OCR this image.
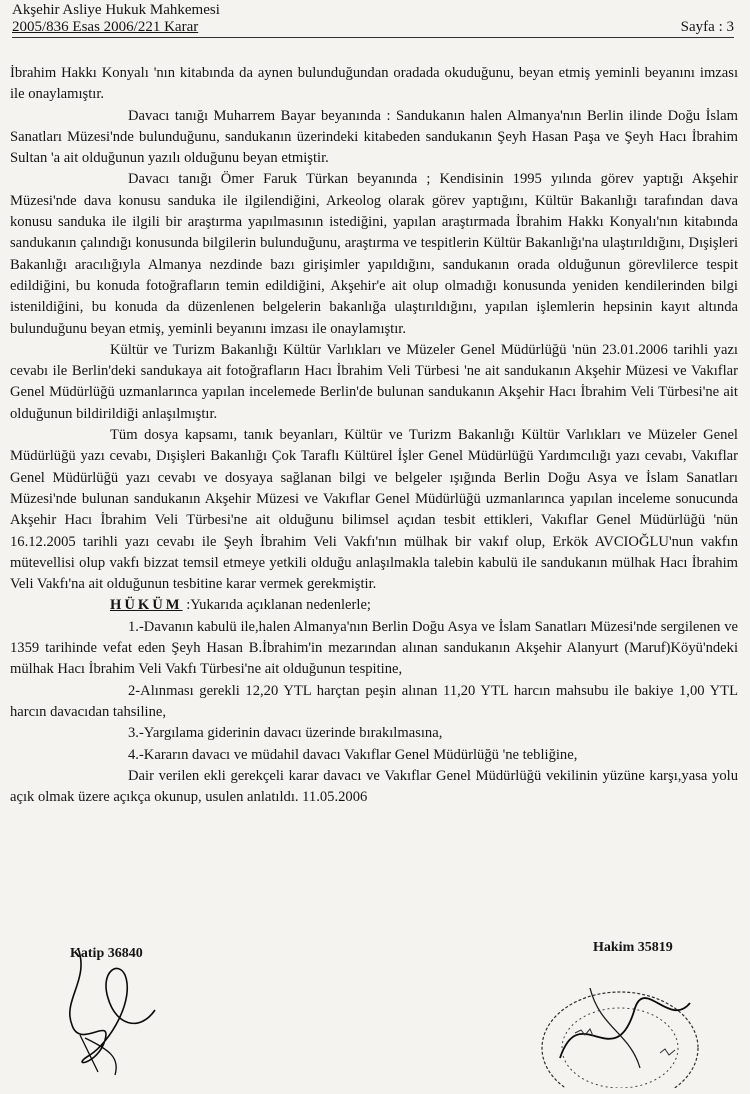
Akşehir Asliye Hukuk Mahkemesi
2005/836 Esas 2006/221 Karar	Sayfa : 3

İbrahim Hakkı Konyalı 'nın kitabında da aynen bulunduğundan oradada okuduğunu, beyan etmiş yeminli beyanını imzası ile onaylamıştır.

Davacı tanığı Muharrem Bayar beyanında : Sandukanın halen Almanya'nın Berlin ilinde Doğu İslam Sanatları Müzesi'nde bulunduğunu, sandukanın üzerindeki kitabeden sandukanın Şeyh Hasan Paşa ve Şeyh Hacı İbrahim Sultan 'a ait olduğunun yazılı olduğunu beyan etmiştir.

Davacı tanığı Ömer Faruk Türkan beyanında ; Kendisinin 1995 yılında görev yaptığı Akşehir Müzesi'nde dava konusu sanduka ile ilgilendiğini, Arkeolog olarak görev yaptığını, Kültür Bakanlığı tarafından dava konusu sanduka ile ilgili bir araştırma yapılmasının istediğini, yapılan araştırmada İbrahim Hakkı Konyalı'nın kitabında sandukanın çalındığı konusunda bilgilerin bulunduğunu, araştırma ve tespitlerin Kültür Bakanlığı'na ulaştırıldığını, Dışişleri Bakanlığı aracılığıyla Almanya nezdinde bazı girişimler yapıldığını, sandukanın orada olduğunun görevlilerce tespit edildiğini, bu konuda fotoğrafların temin edildiğini, Akşehir'e ait olup olmadığı konusunda yeniden kendilerinden bilgi istenildiğini, bu konuda da düzenlenen belgelerin bakanlığa ulaştırıldığını, yapılan işlemlerin hepsinin kayıt altında bulunduğunu beyan etmiş, yeminli beyanını imzası ile onaylamıştır.

Kültür ve Turizm Bakanlığı Kültür Varlıkları ve Müzeler Genel Müdürlüğü 'nün 23.01.2006 tarihli yazı cevabı ile Berlin'deki sandukaya ait fotoğrafların Hacı İbrahim Veli Türbesi 'ne ait sandukanın Akşehir Müzesi ve Vakıflar Genel Müdürlüğü uzmanlarınca yapılan incelemede Berlin'de bulunan sandukanın Akşehir Hacı İbrahim Veli Türbesi'ne ait olduğunun bildirildiği anlaşılmıştır.

Tüm dosya kapsamı, tanık beyanları, Kültür ve Turizm Bakanlığı Kültür Varlıkları ve Müzeler Genel Müdürlüğü yazı cevabı, Dışişleri Bakanlığı Çok Taraflı Kültürel İşler Genel Müdürlüğü Yardımcılığı yazı cevabı, Vakıflar Genel Müdürlüğü yazı cevabı ve dosyaya sağlanan bilgi ve belgeler ışığında Berlin Doğu Asya ve İslam Sanatları Müzesi'nde bulunan sandukanın Akşehir Müzesi ve Vakıflar Genel Müdürlüğü uzmanlarınca yapılan inceleme sonucunda Akşehir Hacı İbrahim Veli Türbesi'ne ait olduğunu bilimsel açıdan tesbit ettikleri, Vakıflar Genel Müdürlüğü 'nün 16.12.2005 tarihli yazı cevabı ile Şeyh İbrahim Veli Vakfı'nın mülhak bir vakıf olup, Erkök AVCIOĞLU'nun vakfın mütevellisi olup vakfı bizzat temsil etmeye yetkili olduğu anlaşılmakla talebin kabulü ile sandukanın mülhak Hacı İbrahim Veli Vakfı'na ait olduğunun tesbitine karar vermek gerekmiştir.

HÜKÜM :Yukarıda açıklanan nedenlerle;

1.-Davanın kabulü ile,halen Almanya'nın Berlin Doğu Asya ve İslam Sanatları Müzesi'nde sergilenen ve 1359 tarihinde vefat eden Şeyh Hasan B.İbrahim'in mezarından alınan sandukanın Akşehir Alanyurt (Maruf)Köyü'ndeki mülhak Hacı İbrahim Veli Vakfı Türbesi'ne ait olduğunun tespitine,

2-Alınması gerekli 12,20 YTL harçtan peşin alınan 11,20 YTL harcın mahsubu ile bakiye 1,00 YTL harcın davacıdan tahsiline,

3.-Yargılama giderinin davacı üzerinde bırakılmasına,

4.-Kararın davacı ve müdahil davacı Vakıflar Genel Müdürlüğü 'ne tebliğine,

Dair verilen ekli gerekçeli karar davacı ve Vakıflar Genel Müdürlüğü vekilinin yüzüne karşı,yasa yolu açık olmak üzere açıkça okunup, usulen anlatıldı. 11.05.2006

Katip 36840	Hakim 35819
